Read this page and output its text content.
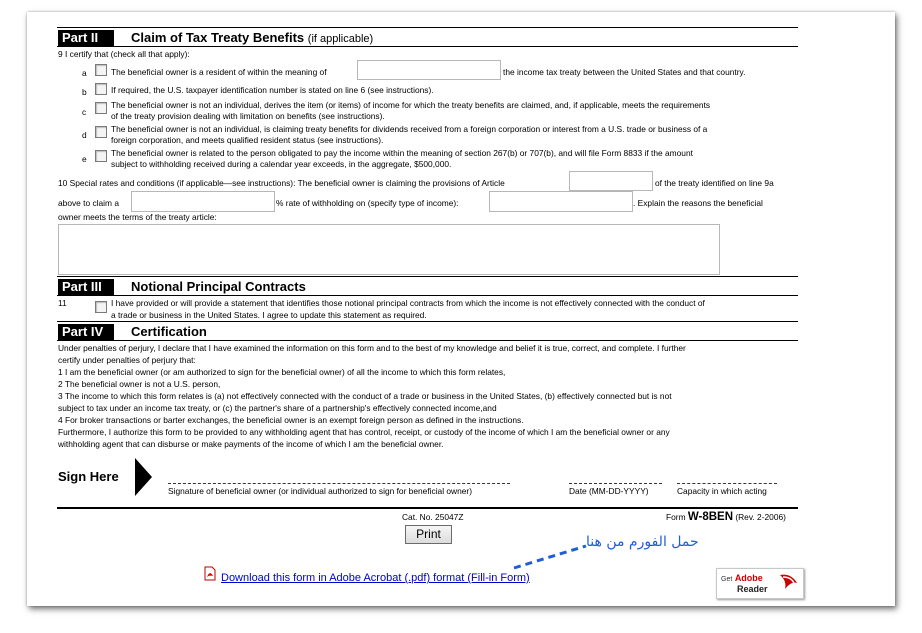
Part II	Claim of Tax Treaty Benefits (if applicable)
9 I certify that (check all that apply):
a	The beneficial owner is a resident of within the meaning of	the income tax treaty between the United States and that country.
b	If required, the U.S. taxpayer identification number is stated on line 6 (see instructions).
c
The beneficial owner is not an individual, derives the item (or items) of income for which the treaty benefits are claimed, and, if applicable, meets the requirements
of the treaty provision dealing with limitation on benefits (see instructions).
d
The beneficial owner is not an individual, is claiming treaty benefits for dividends received from a foreign corporation or interest from a U.S. trade or business of a
foreign corporation, and meets qualified resident status (see instructions).
e
The beneficial owner is related to the person obligated to pay the income within the meaning of section 267(b) or 707(b), and will file Form 8833 if the amount
subject to withholding received during a calendar year exceeds, in the aggregate, $500,000.
10 Special rates and conditions (if applicable—see instructions): The beneficial owner is claiming the provisions of Article	of the treaty identified on line 9a
above to claim a	% rate of withholding on (specify type of income):	. Explain the reasons the beneficial
owner meets the terms of the treaty article:
Part III	Notional Principal Contracts
11	I have provided or will provide a statement that identifies those notional principal contracts from which the income is not effectively connected with the conduct of
a trade or business in the United States. I agree to update this statement as required.
Part IV	Certification
Under penalties of perjury, I declare that I have examined the information on this form and to the best of my knowledge and belief it is true, correct, and complete. I further
certify under penalties of perjury that:
1 I am the beneficial owner (or am authorized to sign for the beneficial owner) of all the income to which this form relates,
2 The beneficial owner is not a U.S. person,
3 The income to which this form relates is (a) not effectively connected with the conduct of a trade or business in the United States, (b) effectively connected but is not
subject to tax under an income tax treaty, or (c) the partner's share of a partnership's effectively connected income,and
4 For broker transactions or barter exchanges, the beneficial owner is an exempt foreign person as defined in the instructions.
Furthermore, I authorize this form to be provided to any withholding agent that has control, receipt, or custody of the income of which I am the beneficial owner or any
withholding agent that can disburse or make payments of the income of which I am the beneficial owner.
Sign Here
Signature of beneficial owner (or individual authorized to sign for beneficial owner)	Date (MM-DD-YYYY)	Capacity in which acting
Cat. No. 25047Z	Form W-8BEN (Rev. 2-2006)
Print	حمل الفورم من هنا
Download this form in Adobe Acrobat (.pdf) format (Fill-in Form)	Get Adobe
Reader
